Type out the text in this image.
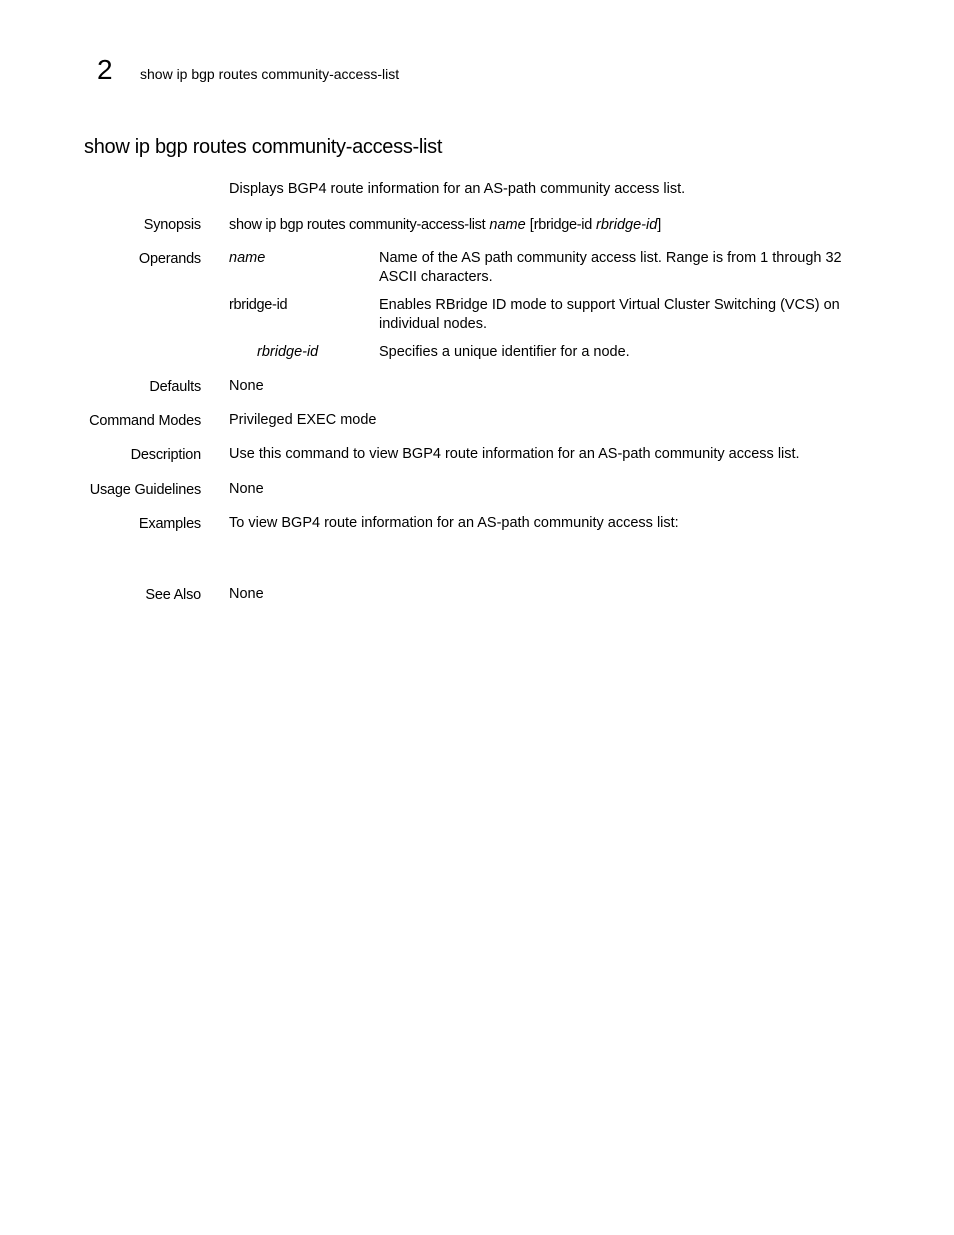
2 show ip bgp routes community-access-list
show ip bgp routes community-access-list
Displays BGP4 route information for an AS-path community access list.
Synopsis show ip bgp routes community-access-list name [rbridge-id rbridge-id]
Operands name	Name of the AS path community access list. Range is from 1 through 32 ASCII characters.
rbridge-id	Enables RBridge ID mode to support Virtual Cluster Switching (VCS) on individual nodes.
rbridge-id	Specifies a unique identifier for a node.
Defaults None
Command Modes Privileged EXEC mode
Description Use this command to view BGP4 route information for an AS-path community access list.
Usage Guidelines None
Examples To view BGP4 route information for an AS-path community access list:
See Also None
